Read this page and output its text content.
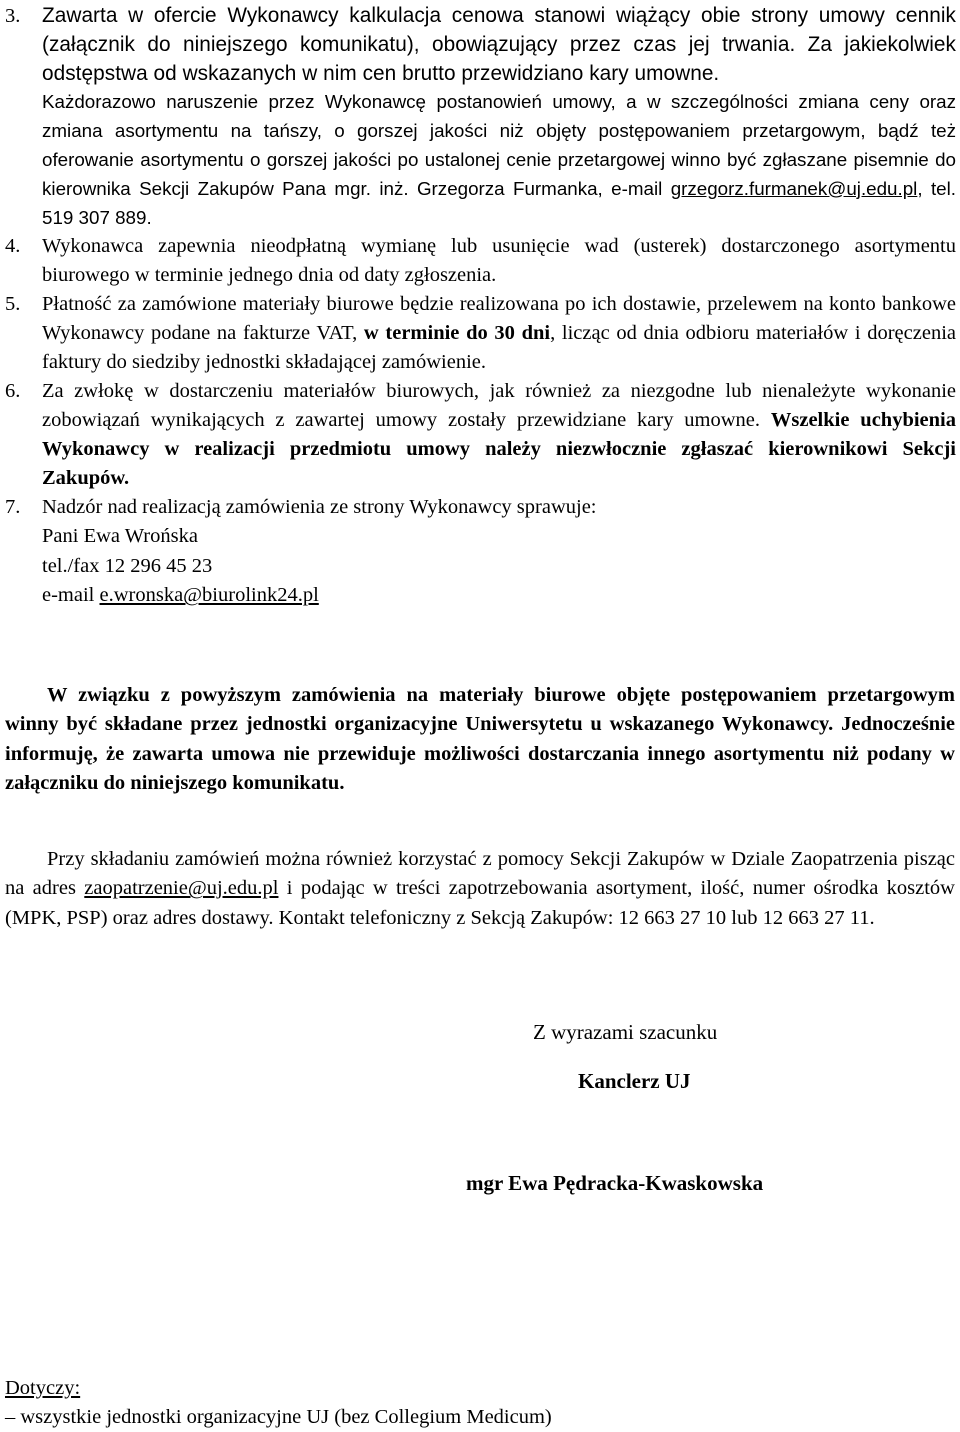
3. Zawarta w ofercie Wykonawcy kalkulacja cenowa stanowi wiążący obie strony umowy cennik (załącznik do niniejszego komunikatu), obowiązujący przez czas jej trwania. Za jakiekolwiek odstępstwa od wskazanych w nim cen brutto przewidziano kary umowne.

Każdorazowo naruszenie przez Wykonawcę postanowień umowy, a w szczególności zmiana ceny oraz zmiana asortymentu na tańszy, o gorszej jakości niż objęty postępowaniem przetargowym, bądź też oferowanie asortymentu o gorszej jakości po ustalonej cenie przetargowej winno być zgłaszane pisemnie do kierownika Sekcji Zakupów Pana mgr. inż. Grzegorza Furmanka, e-mail grzegorz.furmanek@uj.edu.pl, tel. 519 307 889.

4. Wykonawca zapewnia nieodpłatną wymianę lub usunięcie wad (usterek) dostarczonego asortymentu biurowego w terminie jednego dnia od daty zgłoszenia.

5. Płatność za zamówione materiały biurowe będzie realizowana po ich dostawie, przelewem na konto bankowe Wykonawcy podane na fakturze VAT, w terminie do 30 dni, licząc od dnia odbioru materiałów i doręczenia faktury do siedziby jednostki składającej zamówienie.

6. Za zwłokę w dostarczeniu materiałów biurowych, jak również za niezgodne lub nienależyte wykonanie zobowiązań wynikających z zawartej umowy zostały przewidziane kary umowne. Wszelkie uchybienia Wykonawcy w realizacji przedmiotu umowy należy niezwłocznie zgłaszać kierownikowi Sekcji Zakupów.

7. Nadzór nad realizacją zamówienia ze strony Wykonawcy sprawuje:

Pani Ewa Wrońska

tel./fax 12 296 45 23

e-mail e.wronska@biurolink24.pl

W związku z powyższym zamówienia na materiały biurowe objęte postępowaniem przetargowym winny być składane przez jednostki organizacyjne Uniwersytetu u wskazanego Wykonawcy. Jednocześnie informuję, że zawarta umowa nie przewiduje możliwości dostarczania innego asortymentu niż podany w załączniku do niniejszego komunikatu.

Przy składaniu zamówień można również korzystać z pomocy Sekcji Zakupów w Dziale Zaopatrzenia pisząc na adres zaopatrzenie@uj.edu.pl i podając w treści zapotrzebowania asortyment, ilość, numer ośrodka kosztów (MPK, PSP) oraz adres dostawy. Kontakt telefoniczny z Sekcją Zakupów: 12 663 27 10 lub 12 663 27 11.

Z wyrazami szacunku

Kanclerz UJ

mgr Ewa Pędracka-Kwaskowska

Dotyczy:

– wszystkie jednostki organizacyjne UJ (bez Collegium Medicum)
